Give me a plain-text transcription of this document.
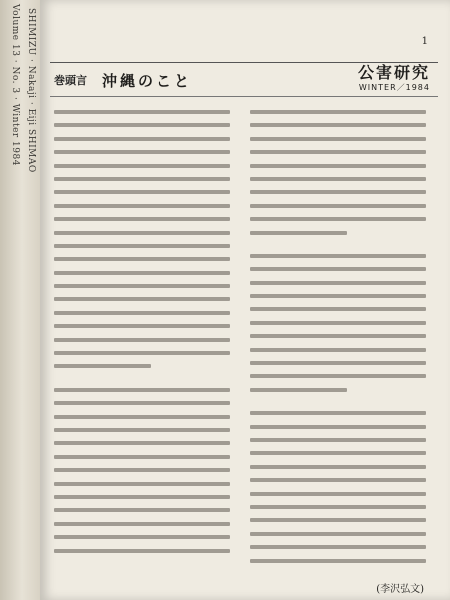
Volume 13 · No. 3 · Winter 1984 SHIMIZU · Nakaji · Eiji SHIMAO	1
巻頭言 沖縄のこと	公害研究
WINTER／1984
(李沢弘文)
